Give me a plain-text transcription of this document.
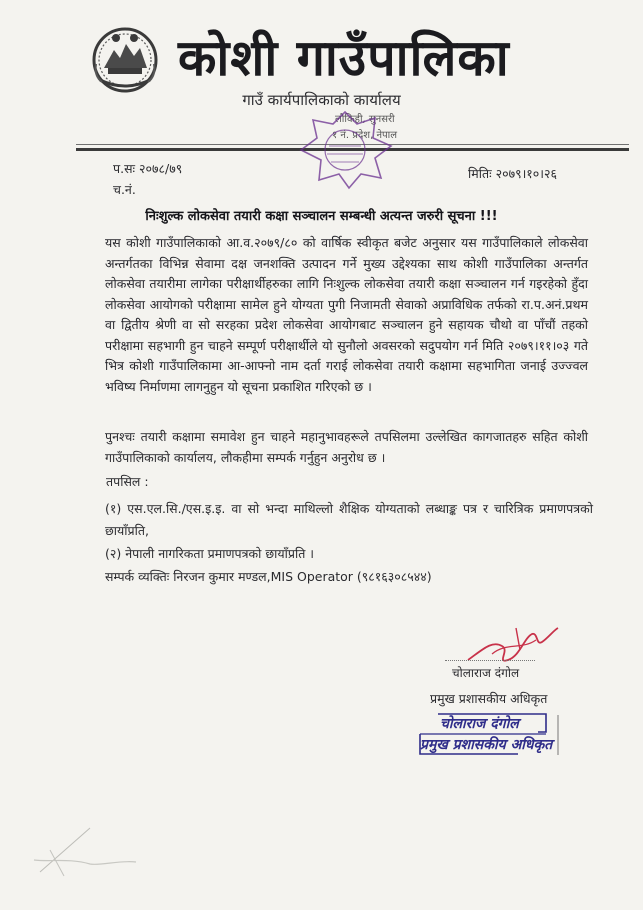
कोशी गाउँपालिका
गाउँ कार्यपालिकाको कार्यालय
लौकिही, सुनसरी
१ नं. प्रदेश, नेपाल
प.सः २०७८/७९
च.नं.
मितिः २०७९।१०।२६
निःशुल्क लोकसेवा तयारी कक्षा सञ्चालन सम्बन्धी अत्यन्त जरुरी सूचना !!!
यस कोशी गाउँपालिकाको आ.व.२०७९/८० को वार्षिक स्वीकृत बजेट अनुसार यस गाउँपालिकाले लोकसेवा अन्तर्गतका विभिन्न सेवामा दक्ष जनशक्ति उत्पादन गर्ने मुख्य उद्देश्यका साथ कोशी गाउँपालिका अन्तर्गत लोकसेवा तयारीमा लागेका परीक्षार्थीहरुका लागि निःशुल्क लोकसेवा तयारी कक्षा सञ्चालन गर्न गइरहेको हुँदा लोकसेवा आयोगको परीक्षामा सामेल हुने योग्यता पुगी निजामती सेवाको अप्राविधिक तर्फको रा.प.अनं.प्रथम वा द्वितीय श्रेणी वा सो सरहका प्रदेश लोकसेवा आयोगबाट सञ्चालन हुने सहायक चौथो वा पाँचौं तहको परीक्षामा सहभागी हुन चाहने सम्पूर्ण परीक्षार्थीले यो सुनौलो अवसरको सदुपयोग गर्न मिति २०७९।११।०३ गते भित्र कोशी गाउँपालिकामा आ-आफ्नो नाम दर्ता गराई लोकसेवा तयारी कक्षामा सहभागिता जनाई उज्ज्वल भविष्य निर्माणमा लागनुहुन यो सूचना प्रकाशित गरिएको छ ।
पुनश्चः तयारी कक्षामा समावेश हुन चाहने महानुभावहरूले तपसिलमा उल्लेखित कागजातहरु सहित कोशी गाउँपालिकाको कार्यालय, लौकहीमा सम्पर्क गर्नुहुन अनुरोध छ ।
तपसिल :
(१) एस.एल.सि./एस.इ.इ. वा सो भन्दा माथिल्लो शैक्षिक योग्यताको लब्धाङ्क पत्र र चारित्रिक प्रमाणपत्रको छायाँप्रति,
(२) नेपाली नागरिकता प्रमाणपत्रको छायाँप्रति ।
सम्पर्क व्यक्तिः निरजन कुमार मण्डल,MIS Operator (९८१६३०८५४४)
चोलाराज दंगोल
प्रमुख प्रशासकीय अधिकृत
चोलाराज दंगोल
प्रमुख प्रशासकीय अधिकृत
